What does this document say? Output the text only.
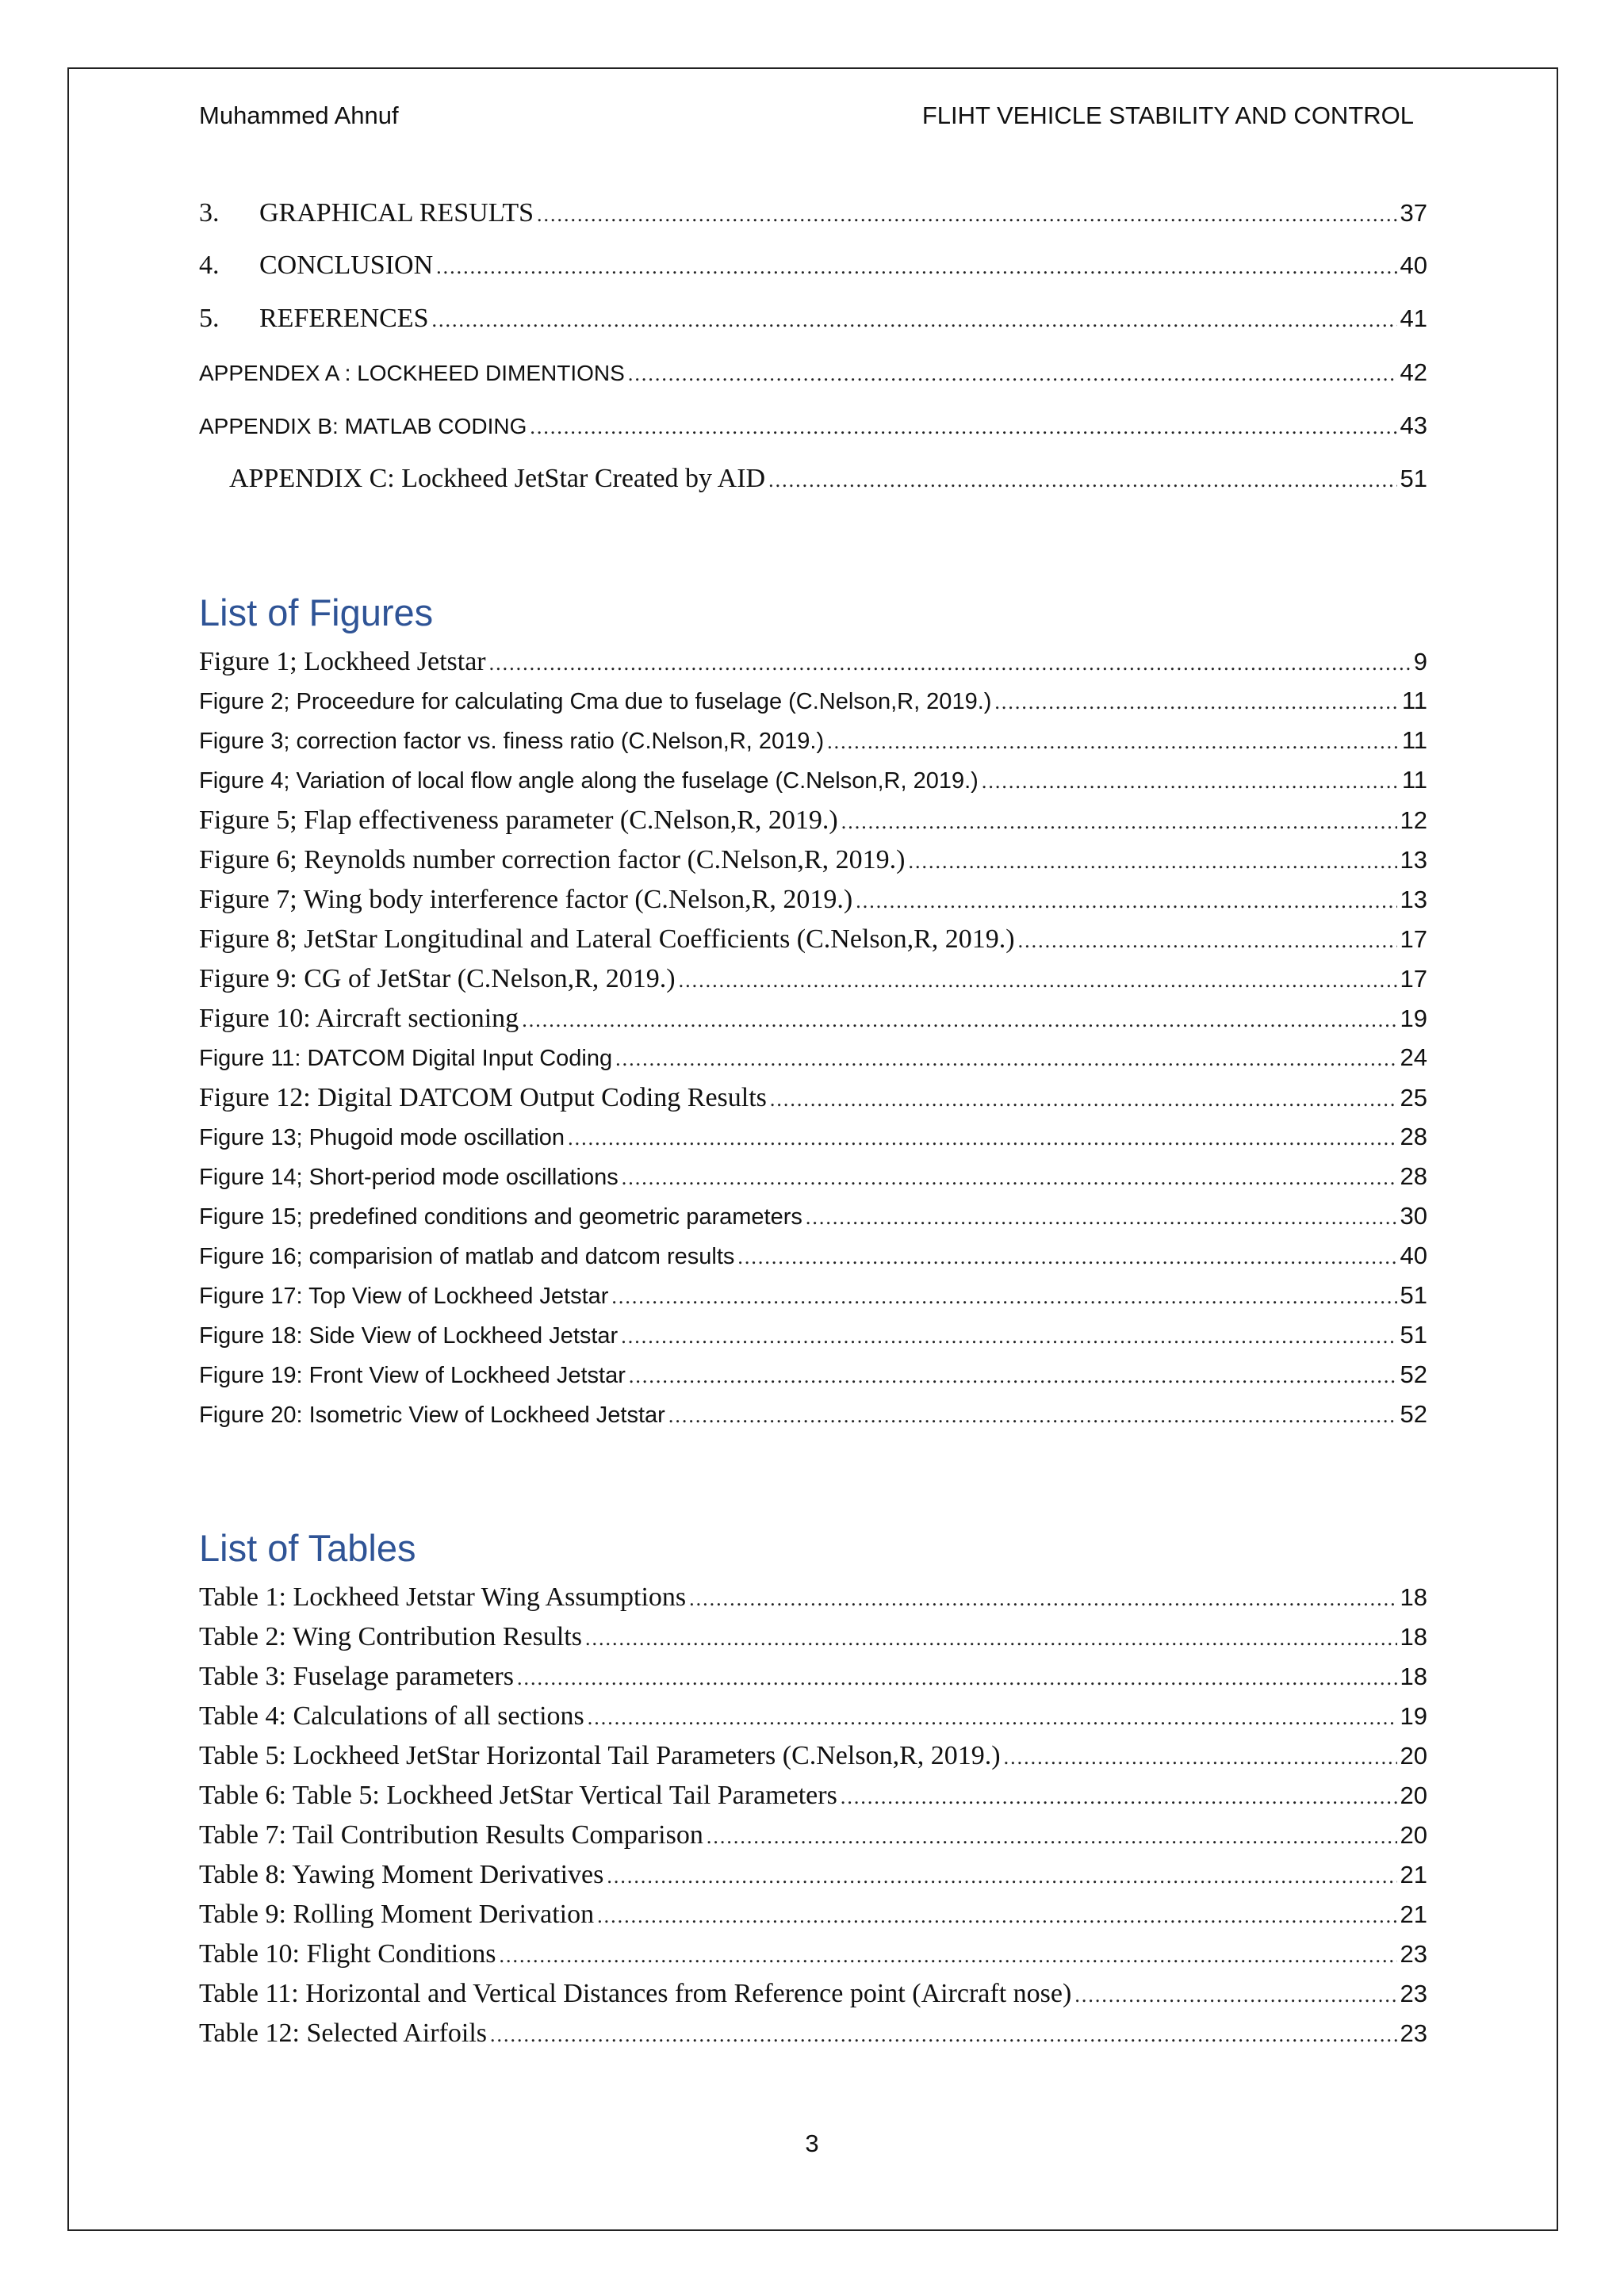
Muhammed Ahnuf	FLIHT VEHICLE STABILITY AND CONTROL
3. GRAPHICAL RESULTS .....	37
4. CONCLUSION .....	40
5. REFERENCES .....	41
APPENDEX A : LOCKHEED DIMENTIONS .....	42
APPENDIX B: MATLAB CODING .....	43
APPENDIX C: Lockheed JetStar Created by AID .....	51
List of Figures
Figure 1; Lockheed Jetstar .....	9
Figure 2; Proceedure for calculating Cma due to fuselage (C.Nelson,R, 2019.) .....	11
Figure 3; correction factor vs. finess ratio (C.Nelson,R, 2019.) .....	11
Figure 4; Variation of local flow angle along the fuselage (C.Nelson,R, 2019.) .....	11
Figure 5; Flap effectiveness parameter (C.Nelson,R, 2019.) .....	12
Figure 6; Reynolds number correction factor (C.Nelson,R, 2019.) .....	13
Figure 7; Wing body interference factor (C.Nelson,R, 2019.) .....	13
Figure 8; JetStar Longitudinal and Lateral Coefficients (C.Nelson,R, 2019.) .....	17
Figure 9: CG of JetStar (C.Nelson,R, 2019.) .....	17
Figure 10: Aircraft sectioning .....	19
Figure 11: DATCOM Digital Input Coding .....	24
Figure 12: Digital DATCOM Output Coding Results .....	25
Figure 13; Phugoid mode oscillation .....	28
Figure 14; Short-period mode oscillations .....	28
Figure 15; predefined conditions and geometric parameters .....	30
Figure 16; comparision of matlab and datcom results .....	40
Figure 17: Top View of Lockheed Jetstar .....	51
Figure 18: Side View of Lockheed Jetstar .....	51
Figure 19: Front View of Lockheed Jetstar .....	52
Figure 20: Isometric View of Lockheed Jetstar .....	52
List of Tables
Table 1: Lockheed Jetstar Wing Assumptions .....	18
Table 2: Wing Contribution Results .....	18
Table 3: Fuselage parameters .....	18
Table 4: Calculations of all sections .....	19
Table 5: Lockheed JetStar Horizontal Tail Parameters (C.Nelson,R, 2019.) .....	20
Table 6: Table 5: Lockheed JetStar Vertical Tail Parameters .....	20
Table 7: Tail Contribution Results Comparison .....	20
Table 8: Yawing Moment Derivatives .....	21
Table 9: Rolling Moment Derivation .....	21
Table 10: Flight Conditions .....	23
Table 11: Horizontal and Vertical Distances from Reference point (Aircraft nose) .....	23
Table 12: Selected Airfoils .....	23
3
